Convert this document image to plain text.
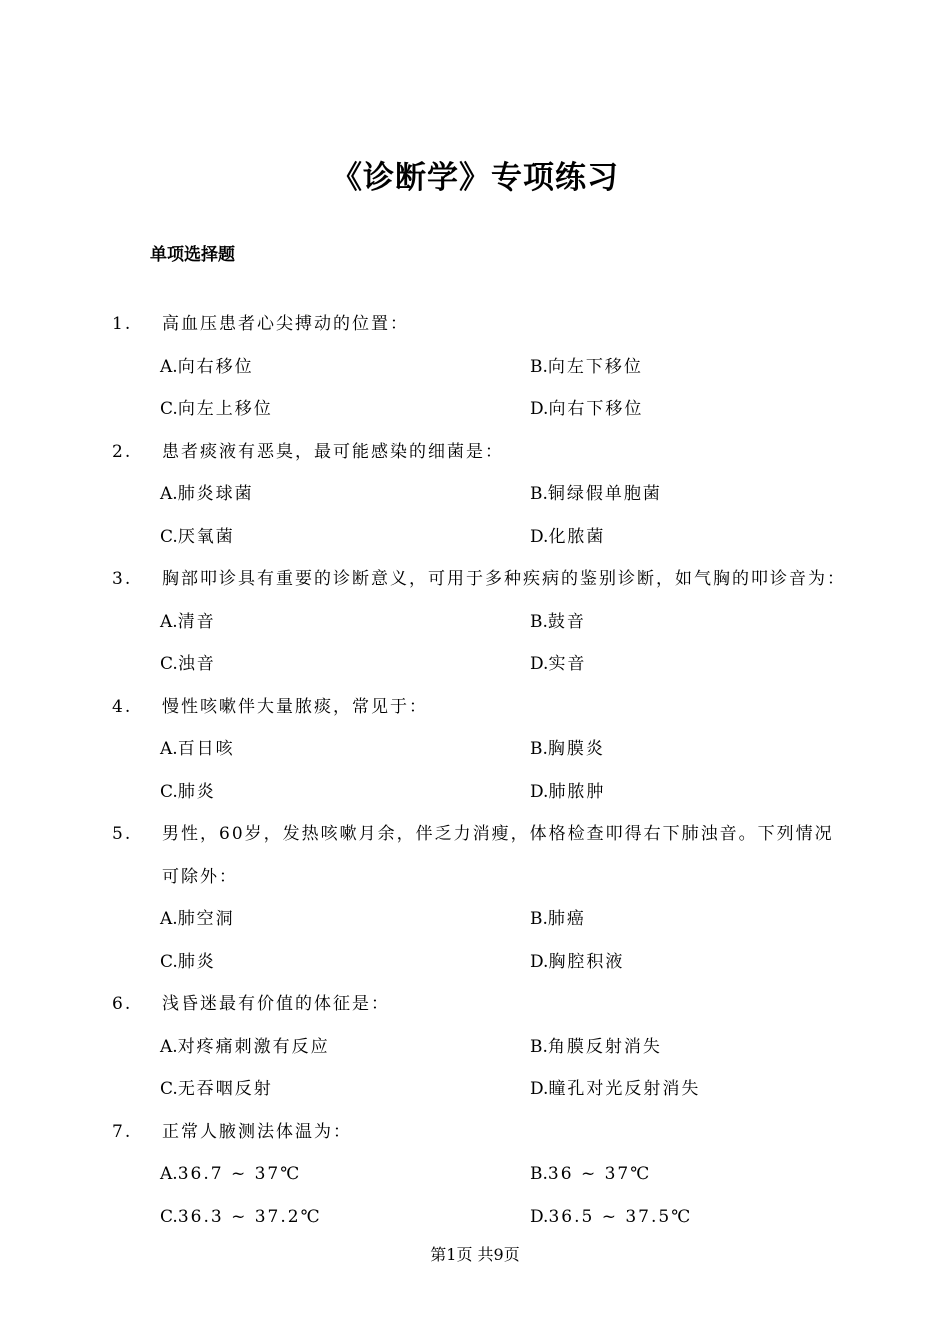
《诊断学》专项练习
单项选择题
1.	高血压患者心尖搏动的位置：
A.向右移位	B.向左下移位
C.向左上移位	D.向右下移位
2.	患者痰液有恶臭，最可能感染的细菌是：
A.肺炎球菌	B.铜绿假单胞菌
C.厌氧菌	D.化脓菌
3.	胸部叩诊具有重要的诊断意义，可用于多种疾病的鉴别诊断，如气胸的叩诊音为：
A.清音	B.鼓音
C.浊音	D.实音
4.	慢性咳嗽伴大量脓痰，常见于：
A.百日咳	B.胸膜炎
C.肺炎	D.肺脓肿
5.	男性，60岁，发热咳嗽月余，伴乏力消瘦，体格检查叩得右下肺浊音。下列情况
可除外：
A.肺空洞	B.肺癌
C.肺炎	D.胸腔积液
6.	浅昏迷最有价值的体征是：
A.对疼痛刺激有反应	B.角膜反射消失
C.无吞咽反射	D.瞳孔对光反射消失
7.	正常人腋测法体温为：
A.36.7 ~ 37℃	B.36 ~ 37℃
C.36.3 ~ 37.2℃	D.36.5 ~ 37.5℃
第1页 共9页
